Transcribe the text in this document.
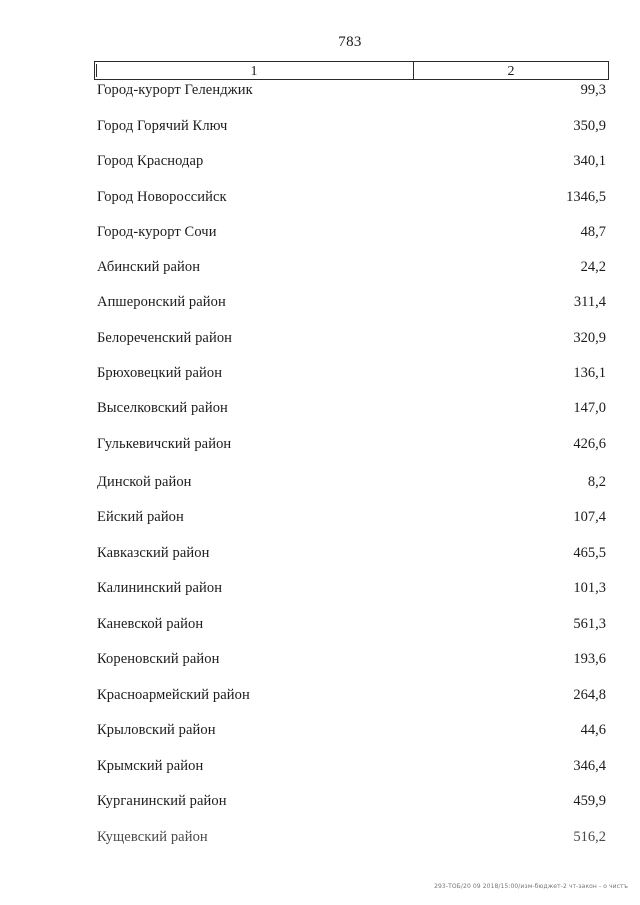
783
1	2
Город-курорт Геленджик	99,3
Город Горячий Ключ	350,9
Город Краснодар	340,1
Город Новороссийск	1346,5
Город-курорт Сочи	48,7
Абинский район	24,2
Апшеронский район	311,4
Белореченский район	320,9
Брюховецкий район	136,1
Выселковский район	147,0
Гулькевичский район	426,6
Динской район	8,2
Ейский район	107,4
Кавказский район	465,5
Калининский район	101,3
Каневской район	561,3
Кореновский район	193,6
Красноармейский район	264,8
Крыловский район	44,6
Крымский район	346,4
Курганинский район	459,9
Кущевский район	516,2
293-ТОБ/20 09 2018/15:00/изм-бюджет-2 чт-закон - о чистъ
